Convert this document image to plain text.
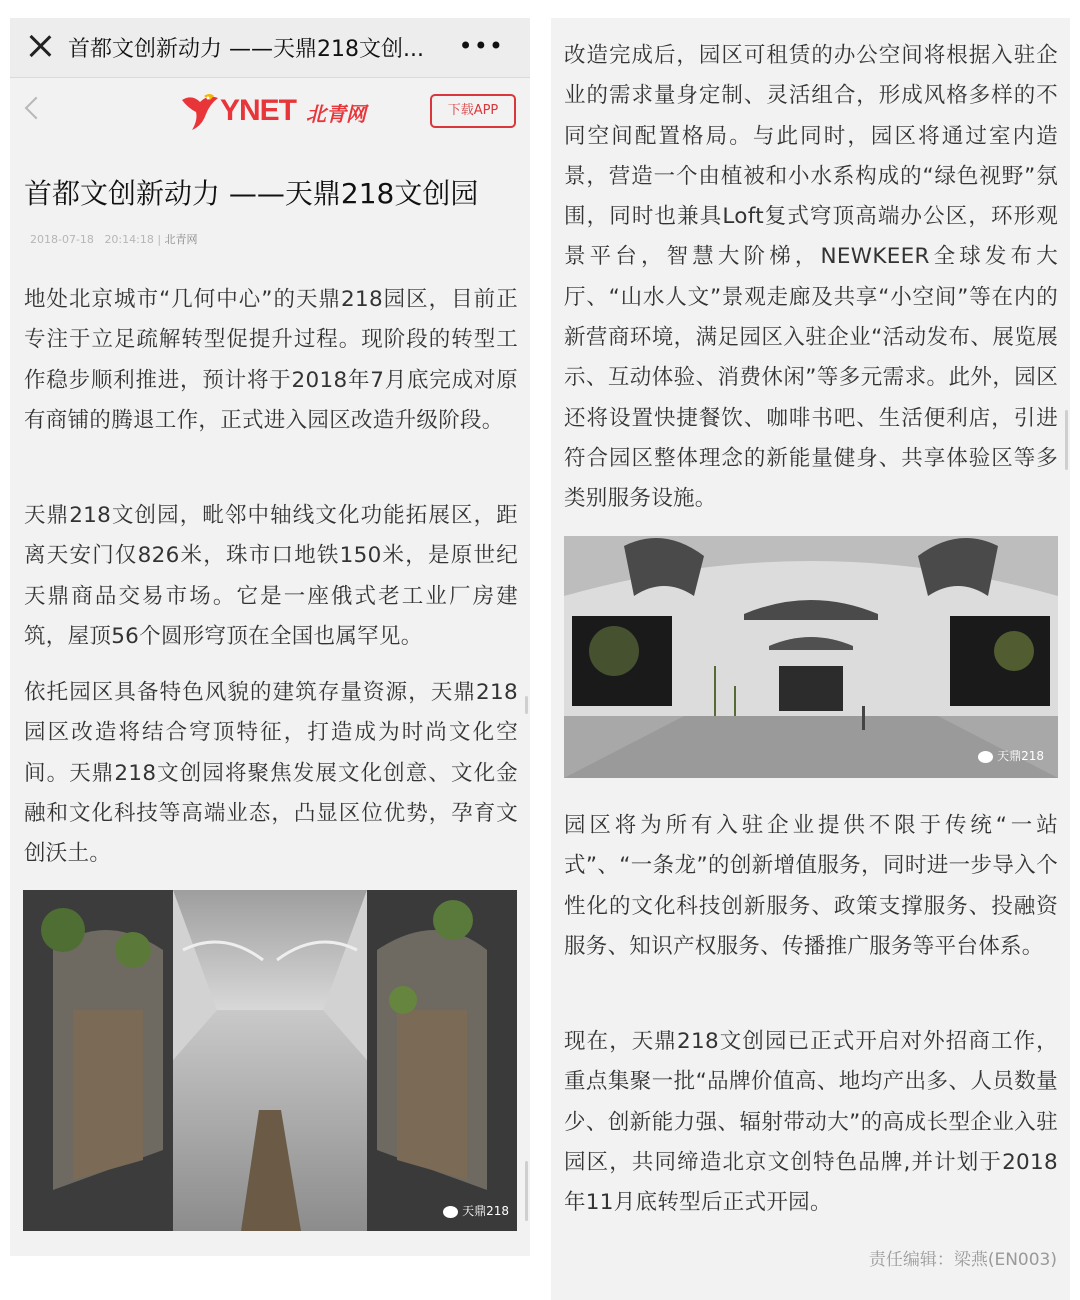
首都文创新动力 ——天鼎218文创...	•••
YNET 北青网	下载APP
首都文创新动力 ——天鼎218文创园
2018-07-18 20:14:18 | 北青网
地处北京城市“几何中心”的天鼎218园区，目前正专注于立足疏解转型促提升过程。现阶段的转型工作稳步顺利推进，预计将于2018年7月底完成对原有商铺的腾退工作，正式进入园区改造升级阶段。
天鼎218文创园，毗邻中轴线文化功能拓展区，距离天安门仅826米，珠市口地铁150米，是原世纪天鼎商品交易市场。它是一座俄式老工业厂房建筑，屋顶56个圆形穹顶在全国也属罕见。
依托园区具备特色风貌的建筑存量资源，天鼎218园区改造将结合穹顶特征，打造成为时尚文化空间。天鼎218文创园将聚焦发展文化创意、文化金融和文化科技等高端业态，凸显区位优势，孕育文创沃土。
天鼎218
改造完成后，园区可租赁的办公空间将根据入驻企业的需求量身定制、灵活组合，形成风格多样的不同空间配置格局。与此同时，园区将通过室内造景，营造一个由植被和小水系构成的“绿色视野”氛围，同时也兼具Loft复式穹顶高端办公区，环形观景平台，智慧大阶梯，NEWKEER全球发布大厅、“山水人文”景观走廊及共享“小空间”等在内的新营商环境，满足园区入驻企业“活动发布、展览展示、互动体验、消费休闲”等多元需求。此外，园区还将设置快捷餐饮、咖啡书吧、生活便利店，引进符合园区整体理念的新能量健身、共享体验区等多类别服务设施。
天鼎218
园区将为所有入驻企业提供不限于传统“一站式”、“一条龙”的创新增值服务，同时进一步导入个性化的文化科技创新服务、政策支撑服务、投融资服务、知识产权服务、传播推广服务等平台体系。
现在，天鼎218文创园已正式开启对外招商工作，重点集聚一批“品牌价值高、地均产出多、人员数量少、创新能力强、辐射带动大”的高成长型企业入驻园区，共同缔造北京文创特色品牌,并计划于2018年11月底转型后正式开园。
责任编辑：梁燕(EN003)
